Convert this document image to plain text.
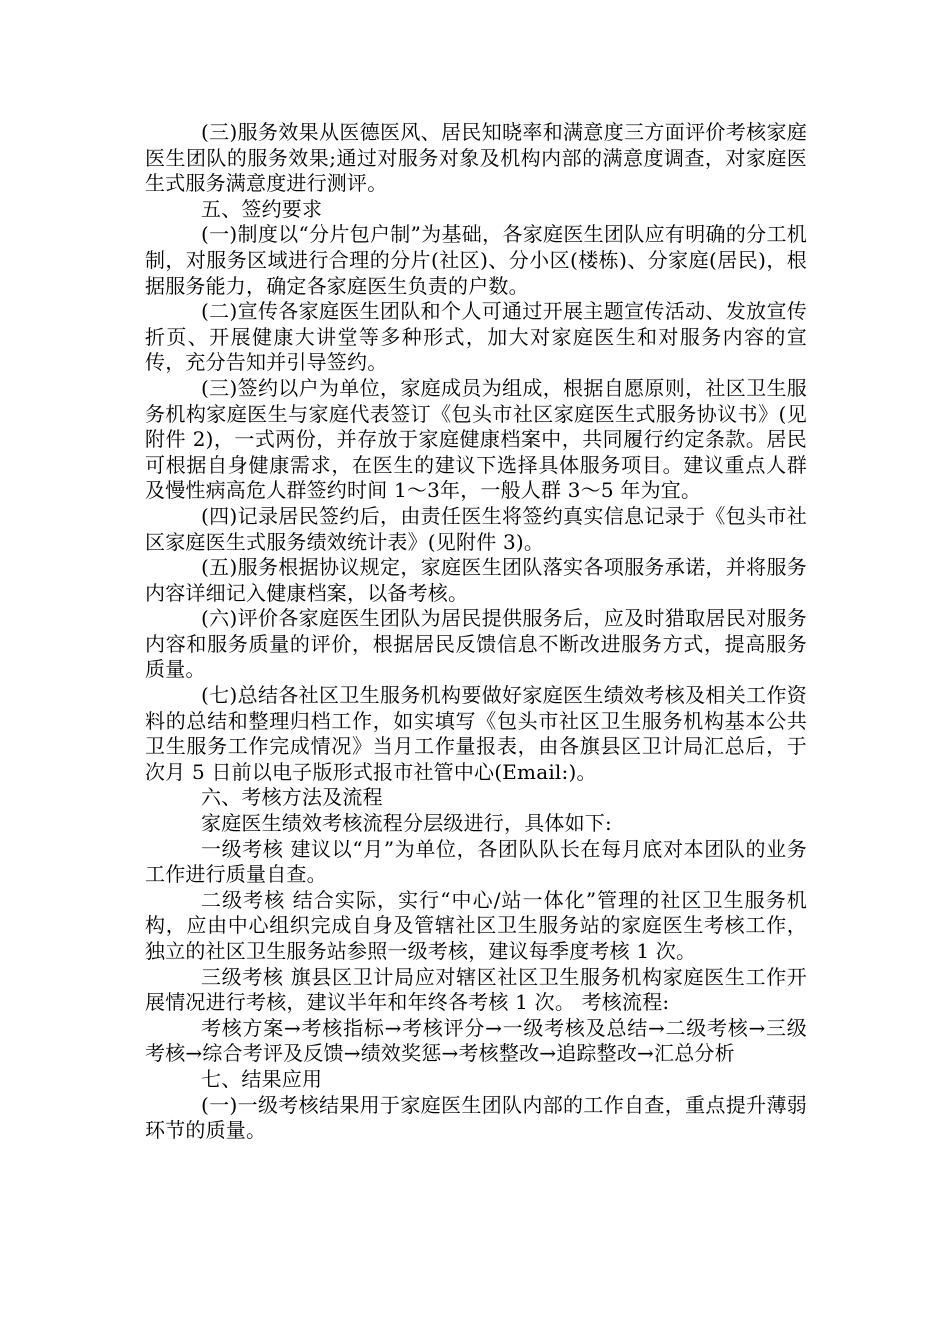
(三)服务效果从医德医风、居民知晓率和满意度三方面评价考核家庭医生团队的服务效果;通过对服务对象及机构内部的满意度调查，对家庭医生式服务满意度进行测评。

五、签约要求

(一)制度以“分片包户制”为基础，各家庭医生团队应有明确的分工机制，对服务区域进行合理的分片(社区)、分小区(楼栋)、分家庭(居民)，根据服务能力，确定各家庭医生负责的户数。

(二)宣传各家庭医生团队和个人可通过开展主题宣传活动、发放宣传折页、开展健康大讲堂等多种形式，加大对家庭医生和对服务内容的宣传，充分告知并引导签约。

(三)签约以户为单位，家庭成员为组成，根据自愿原则，社区卫生服务机构家庭医生与家庭代表签订《包头市社区家庭医生式服务协议书》(见附件 2)，一式两份，并存放于家庭健康档案中，共同履行约定条款。居民可根据自身健康需求，在医生的建议下选择具体服务项目。建议重点人群及慢性病高危人群签约时间 1～3年，一般人群 3～5 年为宜。

(四)记录居民签约后，由责任医生将签约真实信息记录于《包头市社区家庭医生式服务绩效统计表》(见附件 3)。

(五)服务根据协议规定，家庭医生团队落实各项服务承诺，并将服务内容详细记入健康档案，以备考核。

(六)评价各家庭医生团队为居民提供服务后，应及时猎取居民对服务内容和服务质量的评价，根据居民反馈信息不断改进服务方式，提高服务质量。

(七)总结各社区卫生服务机构要做好家庭医生绩效考核及相关工作资料的总结和整理归档工作，如实填写《包头市社区卫生服务机构基本公共卫生服务工作完成情况》当月工作量报表，由各旗县区卫计局汇总后，于次月 5 日前以电子版形式报市社管中心(Email:)。

六、考核方法及流程

家庭医生绩效考核流程分层级进行，具体如下:

一级考核 建议以“月”为单位，各团队队长在每月底对本团队的业务工作进行质量自查。

二级考核 结合实际，实行“中心/站一体化”管理的社区卫生服务机构，应由中心组织完成自身及管辖社区卫生服务站的家庭医生考核工作，独立的社区卫生服务站参照一级考核，建议每季度考核 1 次。

三级考核 旗县区卫计局应对辖区社区卫生服务机构家庭医生工作开展情况进行考核，建议半年和年终各考核 1 次。 考核流程:

考核方案→考核指标→考核评分→一级考核及总结→二级考核→三级考核→综合考评及反馈→绩效奖惩→考核整改→追踪整改→汇总分析

七、结果应用

(一)一级考核结果用于家庭医生团队内部的工作自查，重点提升薄弱环节的质量。
